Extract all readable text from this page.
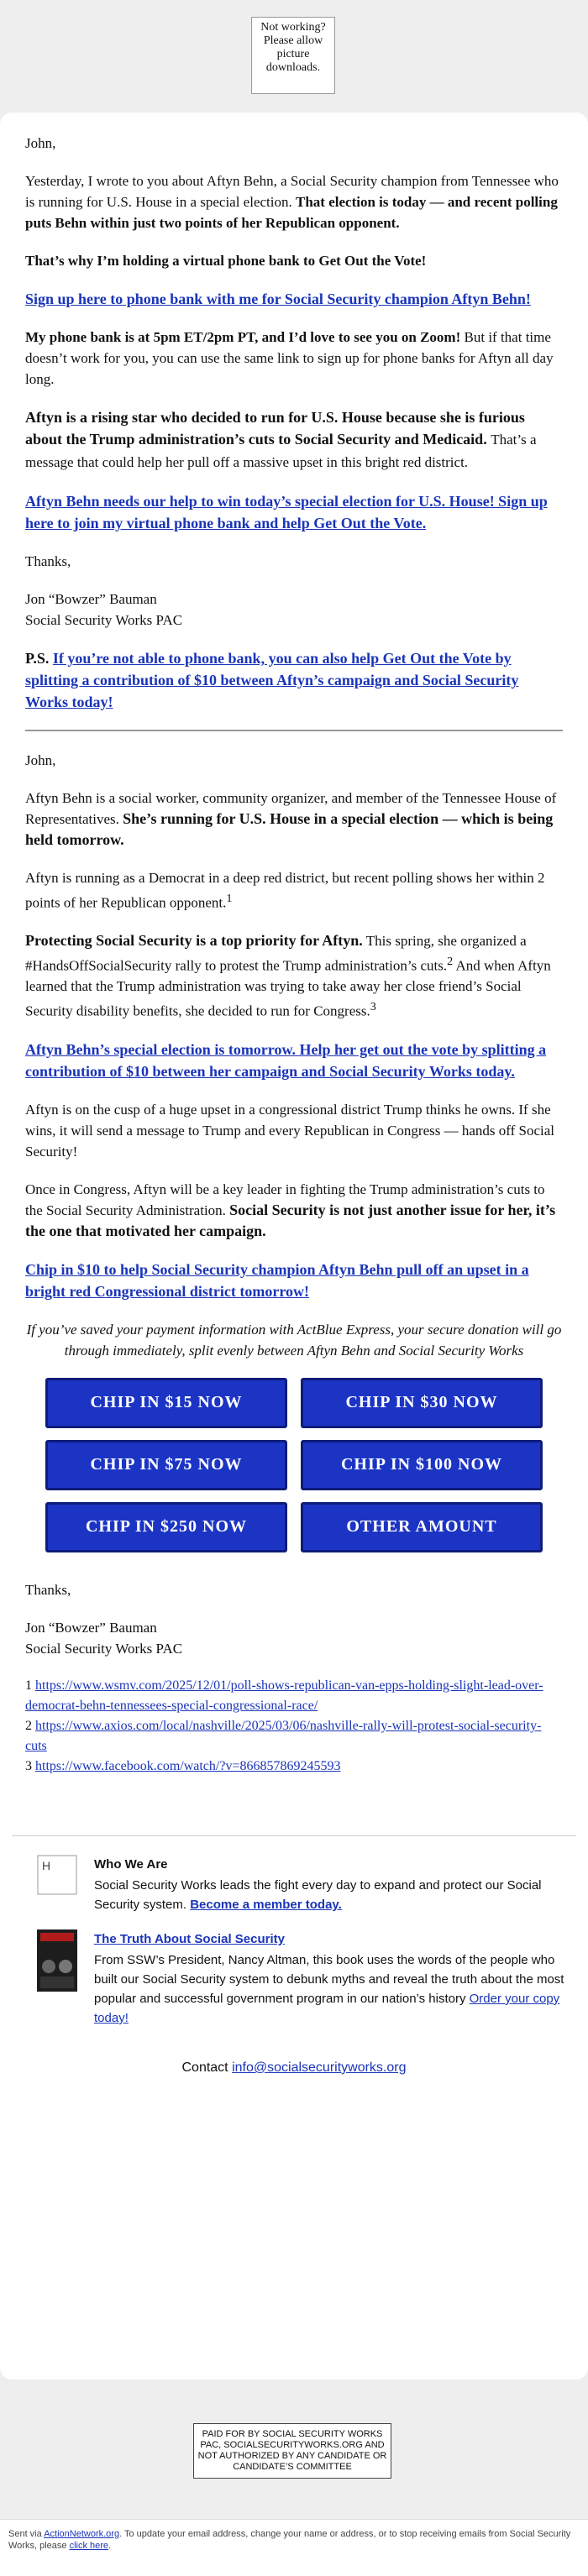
Not working? Please allow picture downloads.

John,

Yesterday, I wrote to you about Aftyn Behn, a Social Security champion from Tennessee who is running for U.S. House in a special election. That election is today — and recent polling puts Behn within just two points of her Republican opponent.

That’s why I’m holding a virtual phone bank to Get Out the Vote!

Sign up here to phone bank with me for Social Security champion Aftyn Behn!

My phone bank is at 5pm ET/2pm PT, and I’d love to see you on Zoom! But if that time doesn’t work for you, you can use the same link to sign up for phone banks for Aftyn all day long.

Aftyn is a rising star who decided to run for U.S. House because she is furious about the Trump administration’s cuts to Social Security and Medicaid. That’s a message that could help her pull off a massive upset in this bright red district.

Aftyn Behn needs our help to win today’s special election for U.S. House! Sign up here to join my virtual phone bank and help Get Out the Vote.

Thanks,

Jon “Bowzer” Bauman
Social Security Works PAC

P.S. If you’re not able to phone bank, you can also help Get Out the Vote by splitting a contribution of $10 between Aftyn’s campaign and Social Security Works today!

John,

Aftyn Behn is a social worker, community organizer, and member of the Tennessee House of Representatives. She’s running for U.S. House in a special election — which is being held tomorrow.

Aftyn is running as a Democrat in a deep red district, but recent polling shows her within 2 points of her Republican opponent.$^1$

Protecting Social Security is a top priority for Aftyn. This spring, she organized a #HandsOffSocialSecurity rally to protest the Trump administration’s cuts.$^2$ And when Aftyn learned that the Trump administration was trying to take away her close friend’s Social Security disability benefits, she decided to run for Congress.$^3$

Aftyn Behn’s special election is tomorrow. Help her get out the vote by splitting a contribution of $10 between her campaign and Social Security Works today.

Aftyn is on the cusp of a huge upset in a congressional district Trump thinks he owns. If she wins, it will send a message to Trump and every Republican in Congress — hands off Social Security!

Once in Congress, Aftyn will be a key leader in fighting the Trump administration’s cuts to the Social Security Administration. Social Security is not just another issue for her, it’s the one that motivated her campaign.

Chip in $10 to help Social Security champion Aftyn Behn pull off an upset in a bright red Congressional district tomorrow!

If you’ve saved your payment information with ActBlue Express, your secure donation will go through immediately, split evenly between Aftyn Behn and Social Security Works

CHIP IN $15 NOW	CHIP IN $30 NOW
CHIP IN $75 NOW	CHIP IN $100 NOW
CHIP IN $250 NOW	OTHER AMOUNT

Thanks,

Jon “Bowzer” Bauman
Social Security Works PAC

1 https://www.wsmv.com/2025/12/01/poll-shows-republican-van-epps-holding-slight-lead-over-democrat-behn-tennessees-special-congressional-race/
2 https://www.axios.com/local/nashville/2025/03/06/nashville-rally-will-protest-social-security-cuts
3 https://www.facebook.com/watch/?v=866857869245593
H	Who We Are
Social Security Works leads the fight every day to expand and protect our Social Security system. Become a member today.
The Truth About Social Security
From SSW’s President, Nancy Altman, this book uses the words of the people who built our Social Security system to debunk myths and reveal the truth about the most popular and successful government program in our nation’s history Order your copy today!
Contact info@socialsecurityworks.org
PAID FOR BY SOCIAL SECURITY WORKS PAC, SOCIALSECURITYWORKS.ORG AND NOT AUTHORIZED BY ANY CANDIDATE OR CANDIDATE’S COMMITTEE
Sent via ActionNetwork.org. To update your email address, change your name or address, or to stop receiving emails from Social Security Works, please click here.
